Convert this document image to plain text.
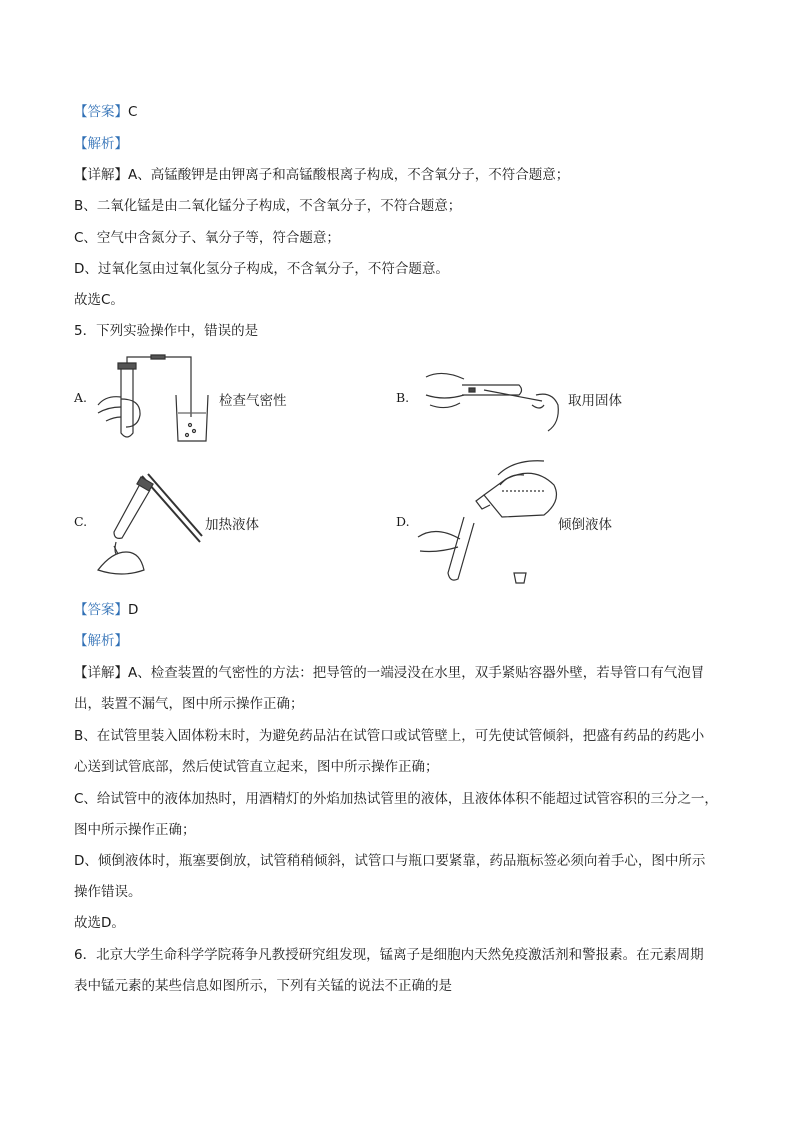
【答案】C
【解析】
【详解】A、高锰酸钾是由钾离子和高锰酸根离子构成，不含氧分子，不符合题意；
B、二氧化锰是由二氧化锰分子构成，不含氧分子，不符合题意；
C、空气中含氮分子、氧分子等，符合题意；
D、过氧化氢由过氧化氢分子构成，不含氧分子，不符合题意。
故选C。
5．下列实验操作中，错误的是
A.	检查气密性	B.	取用固体
C.	加热液体	D.	倾倒液体
【答案】D
【解析】
【详解】A、检查装置的气密性的方法：把导管的一端浸没在水里，双手紧贴容器外壁，若导管口有气泡冒
出，装置不漏气，图中所示操作正确；
B、在试管里装入固体粉末时，为避免药品沾在试管口或试管壁上，可先使试管倾斜，把盛有药品的药匙小
心送到试管底部，然后使试管直立起来，图中所示操作正确；
C、给试管中的液体加热时，用酒精灯的外焰加热试管里的液体，且液体体积不能超过试管容积的三分之一，
图中所示操作正确；
D、倾倒液体时，瓶塞要倒放，试管稍稍倾斜，试管口与瓶口要紧靠，药品瓶标签必须向着手心，图中所示
操作错误。
故选D。
6．北京大学生命科学学院蒋争凡教授研究组发现，锰离子是细胞内天然免疫激活剂和警报素。在元素周期
表中锰元素的某些信息如图所示，下列有关锰的说法不正确的是
